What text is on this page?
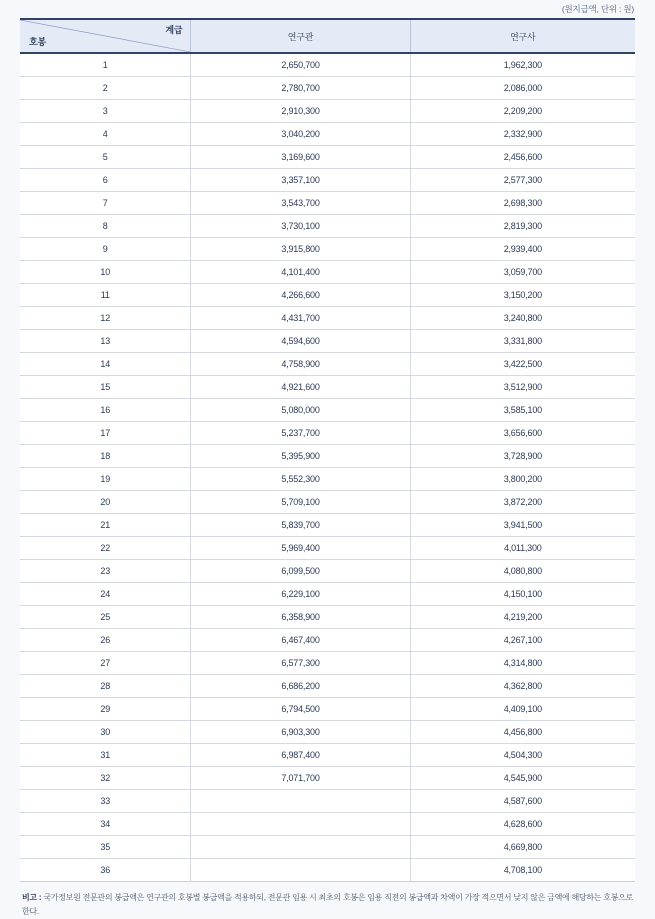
(원지급액, 단위 : 원)
계급
호봉	연구관	연구사
1	2,650,700	1,962,300
2	2,780,700	2,086,000
3	2,910,300	2,209,200
4	3,040,200	2,332,900
5	3,169,600	2,456,600
6	3,357,100	2,577,300
7	3,543,700	2,698,300
8	3,730,100	2,819,300
9	3,915,800	2,939,400
10	4,101,400	3,059,700
11	4,266,600	3,150,200
12	4,431,700	3,240,800
13	4,594,600	3,331,800
14	4,758,900	3,422,500
15	4,921,600	3,512,900
16	5,080,000	3,585,100
17	5,237,700	3,656,600
18	5,395,900	3,728,900
19	5,552,300	3,800,200
20	5,709,100	3,872,200
21	5,839,700	3,941,500
22	5,969,400	4,011,300
23	6,099,500	4,080,800
24	6,229,100	4,150,100
25	6,358,900	4,219,200
26	6,467,400	4,267,100
27	6,577,300	4,314,800
28	6,686,200	4,362,800
29	6,794,500	4,409,100
30	6,903,300	4,456,800
31	6,987,400	4,504,300
32	7,071,700	4,545,900
33		4,587,600
34		4,628,600
35		4,669,800
36		4,708,100
비고 : 국가정보원 전문관의 봉급액은 연구관의 호봉별 봉급액을 적용하되, 전문관 임용 시 최초의 호봉은 임용 직전의 봉급액과 차액이 가장 적으면서 낮지 않은 금액에 해당하는 호봉으로 한다.
